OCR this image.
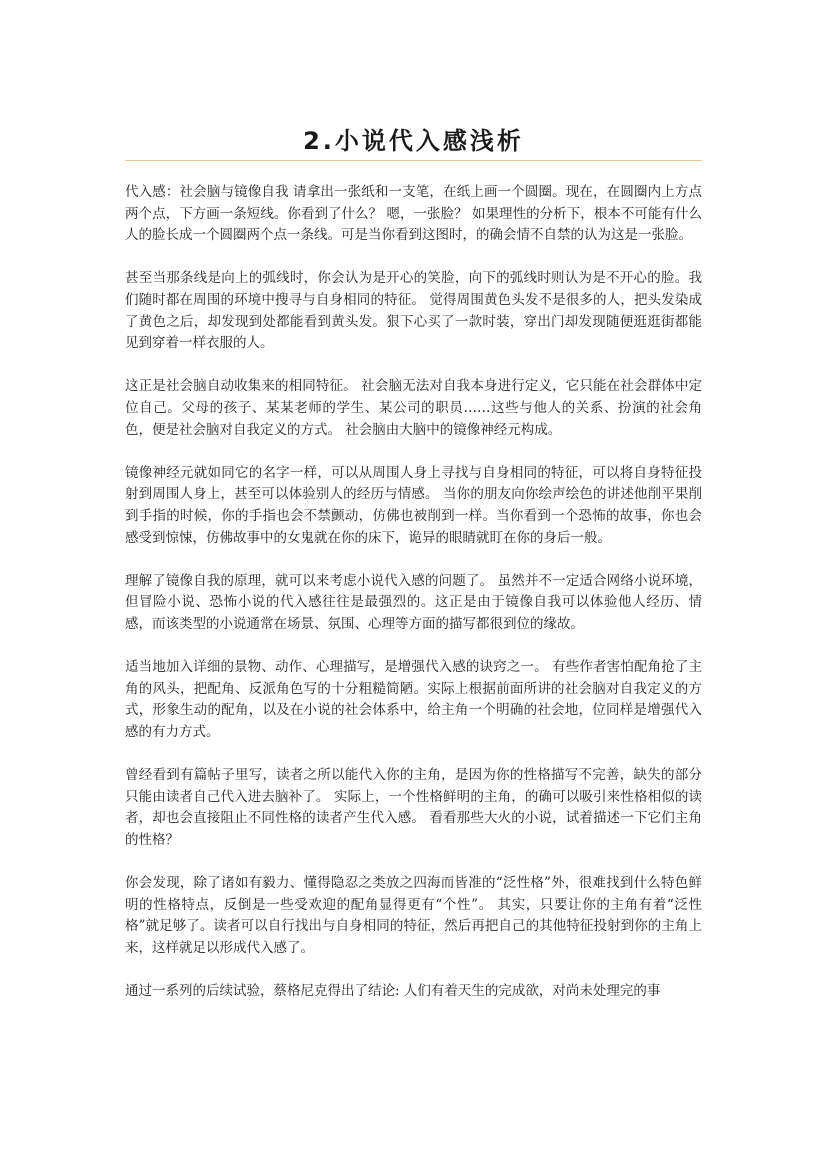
2.小说代入感浅析

代入感：社会脑与镜像自我 请拿出一张纸和一支笔，在纸上画一个圆圈。现在，在圆圈内上方点两个点，下方画一条短线。你看到了什么？ 嗯，一张脸？ 如果理性的分析下，根本不可能有什么人的脸长成一个圆圈两个点一条线。可是当你看到这图时，的确会情不自禁的认为这是一张脸。

甚至当那条线是向上的弧线时，你会认为是开心的笑脸，向下的弧线时则认为是不开心的脸。我们随时都在周围的环境中搜寻与自身相同的特征。 觉得周围黄色头发不是很多的人，把头发染成了黄色之后，却发现到处都能看到黄头发。狠下心买了一款时装，穿出门却发现随便逛逛街都能见到穿着一样衣服的人。

这正是社会脑自动收集来的相同特征。 社会脑无法对自我本身进行定义，它只能在社会群体中定位自己。父母的孩子、某某老师的学生、某公司的职员……这些与他人的关系、扮演的社会角色，便是社会脑对自我定义的方式。 社会脑由大脑中的镜像神经元构成。

镜像神经元就如同它的名字一样，可以从周围人身上寻找与自身相同的特征，可以将自身特征投射到周围人身上，甚至可以体验别人的经历与情感。 当你的朋友向你绘声绘色的讲述他削平果削到手指的时候，你的手指也会不禁颤动，仿佛也被削到一样。当你看到一个恐怖的故事，你也会感受到惊悚，仿佛故事中的女鬼就在你的床下，诡异的眼睛就盯在你的身后一般。

理解了镜像自我的原理，就可以来考虑小说代入感的问题了。 虽然并不一定适合网络小说环境，但冒险小说、恐怖小说的代入感往往是最强烈的。这正是由于镜像自我可以体验他人经历、情感，而该类型的小说通常在场景、氛围、心理等方面的描写都很到位的缘故。

适当地加入详细的景物、动作、心理描写，是增强代入感的诀窍之一。 有些作者害怕配角抢了主角的风头，把配角、反派角色写的十分粗糙简陋。实际上根据前面所讲的社会脑对自我定义的方式，形象生动的配角，以及在小说的社会体系中，给主角一个明确的社会地，位同样是增强代入感的有力方式。

曾经看到有篇帖子里写，读者之所以能代入你的主角，是因为你的性格描写不完善，缺失的部分只能由读者自己代入进去脑补了。 实际上，一个性格鲜明的主角，的确可以吸引来性格相似的读者，却也会直接阻止不同性格的读者产生代入感。 看看那些大火的小说，试着描述一下它们主角的性格？

你会发现，除了诸如有毅力、懂得隐忍之类放之四海而皆准的“泛性格”外，很难找到什么特色鲜明的性格特点，反倒是一些受欢迎的配角显得更有“个性”。 其实，只要让你的主角有着“泛性格”就足够了。读者可以自行找出与自身相同的特征，然后再把自己的其他特征投射到你的主角上来，这样就足以形成代入感了。

通过一系列的后续试验，蔡格尼克得出了结论: 人们有着天生的完成欲，对尚未处理完的事
